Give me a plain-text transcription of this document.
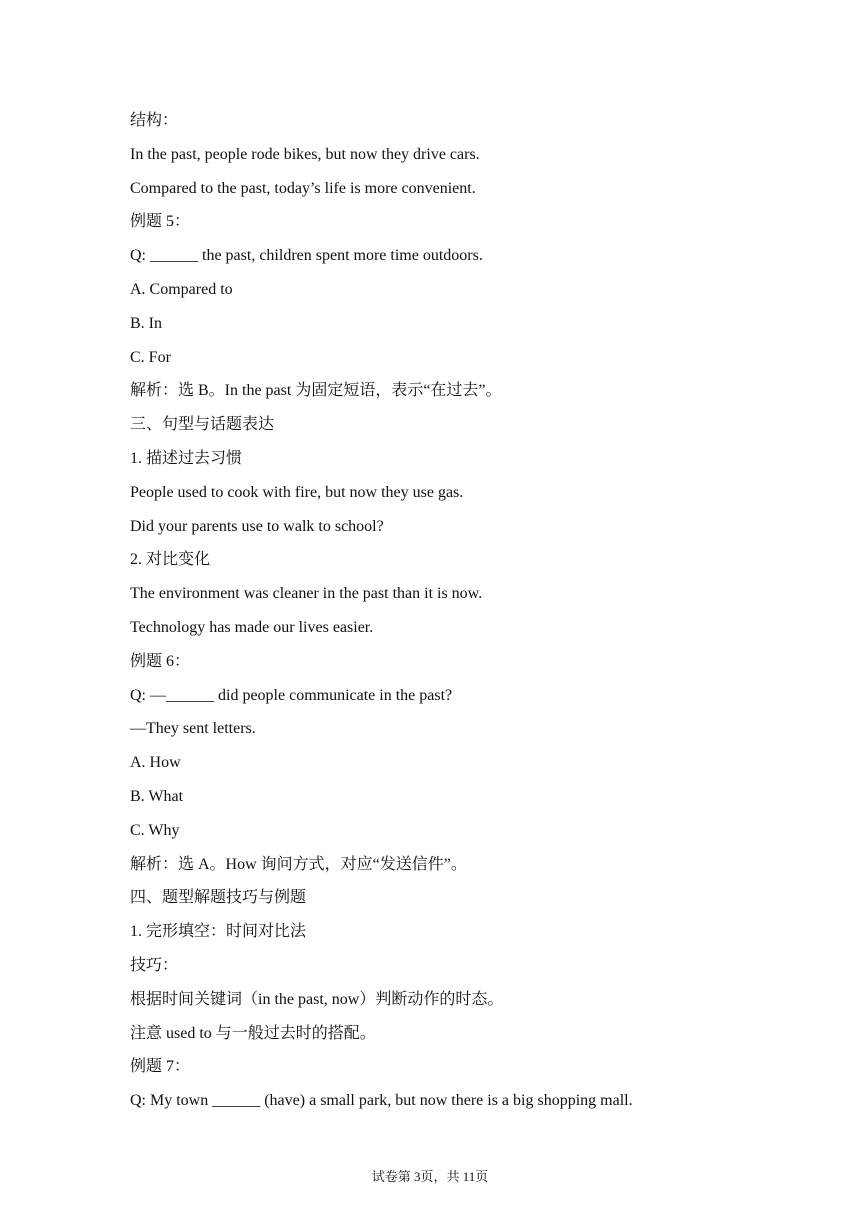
结构：
In the past, people rode bikes, but now they drive cars.
Compared to the past, today’s life is more convenient.
例题 5：
Q: ______ the past, children spent more time outdoors.
A. Compared to
B. In
C. For
解析：选 B。In the past 为固定短语，表示“在过去”。
三、句型与话题表达
1. 描述过去习惯
People used to cook with fire, but now they use gas.
Did your parents use to walk to school?
2. 对比变化
The environment was cleaner in the past than it is now.
Technology has made our lives easier.
例题 6：
Q: —______ did people communicate in the past?
—They sent letters.
A. How
B. What
C. Why
解析：选 A。How 询问方式，对应“发送信件”。
四、题型解题技巧与例题
1. 完形填空：时间对比法
技巧：
根据时间关键词（in the past, now）判断动作的时态。
注意 used to 与一般过去时的搭配。
例题 7：
Q: My town ______ (have) a small park, but now there is a big shopping mall.
试卷第 3页，共 11页
